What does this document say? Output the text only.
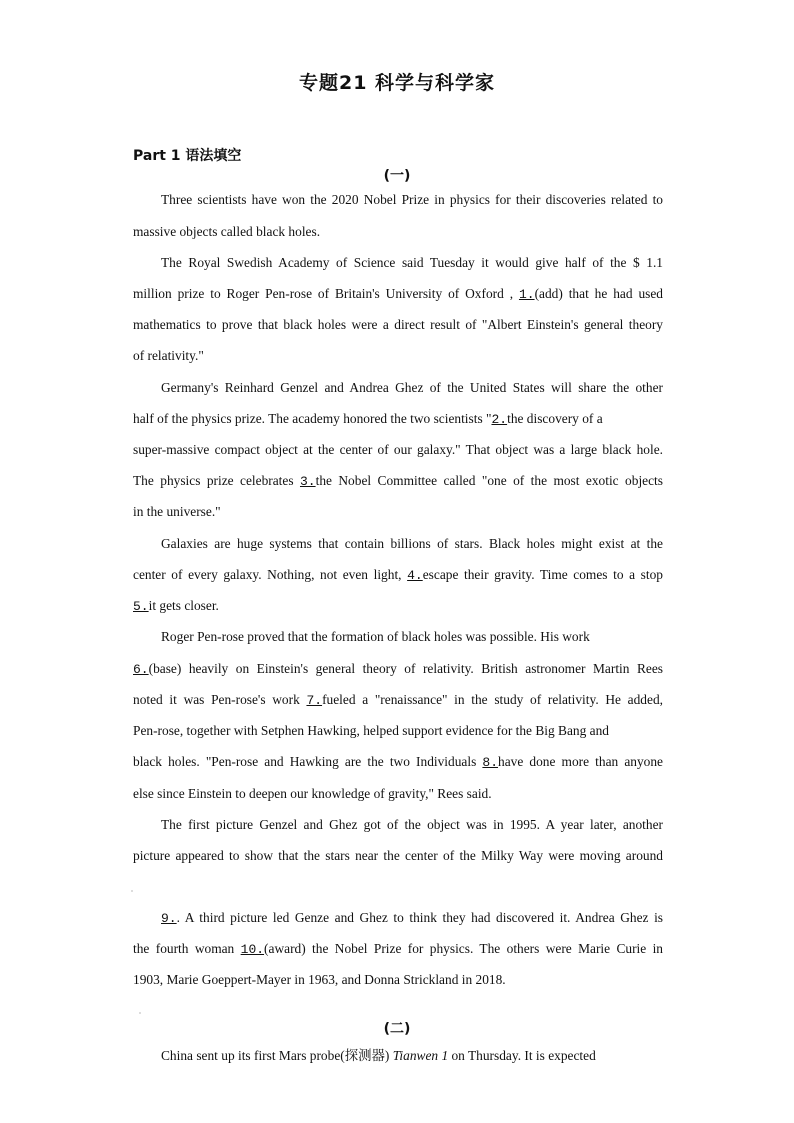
专题21 科学与科学家
Part 1 语法填空
(一)
Three scientists have won the 2020 Nobel Prize in physics for their discoveries related to
massive objects called black holes.
The Royal Swedish Academy of Science said Tuesday it would give half of the $ 1.1
million prize to Roger Pen-rose of Britain's University of Oxford , 1.(add) that he had used
mathematics to prove that black holes were a direct result of "Albert Einstein's general theory
of relativity."
Germany's Reinhard Genzel and Andrea Ghez of the United States will share the other
half of the physics prize. The academy honored the two scientists "2.the discovery of a
super-massive compact object at the center of our galaxy." That object was a large black hole.
The physics prize celebrates 3.the Nobel Committee called "one of the most exotic objects
in the universe."
Galaxies are huge systems that contain billions of stars. Black holes might exist at the
center of every galaxy. Nothing, not even light, 4.escape their gravity. Time comes to a stop
5.it gets closer.
Roger Pen-rose proved that the formation of black holes was possible. His work
6.(base) heavily on Einstein's general theory of relativity. British astronomer Martin Rees
noted it was Pen-rose's work 7.fueled a "renaissance" in the study of relativity. He added,
Pen-rose, together with Setphen Hawking, helped support evidence for the Big Bang and
black holes. "Pen-rose and Hawking are the two Individuals 8.have done more than anyone
else since Einstein to deepen our knowledge of gravity," Rees said.
The first picture Genzel and Ghez got of the object was in 1995. A year later, another
picture appeared to show that the stars near the center of the Milky Way were moving around
9.. A third picture led Genze and Ghez to think they had discovered it. Andrea Ghez is
the fourth woman 10.(award) the Nobel Prize for physics. The others were Marie Curie in
1903, Marie Goeppert-Mayer in 1963, and Donna Strickland in 2018.
(二)
China sent up its first Mars probe(探测器) Tianwen 1 on Thursday. It is expected
